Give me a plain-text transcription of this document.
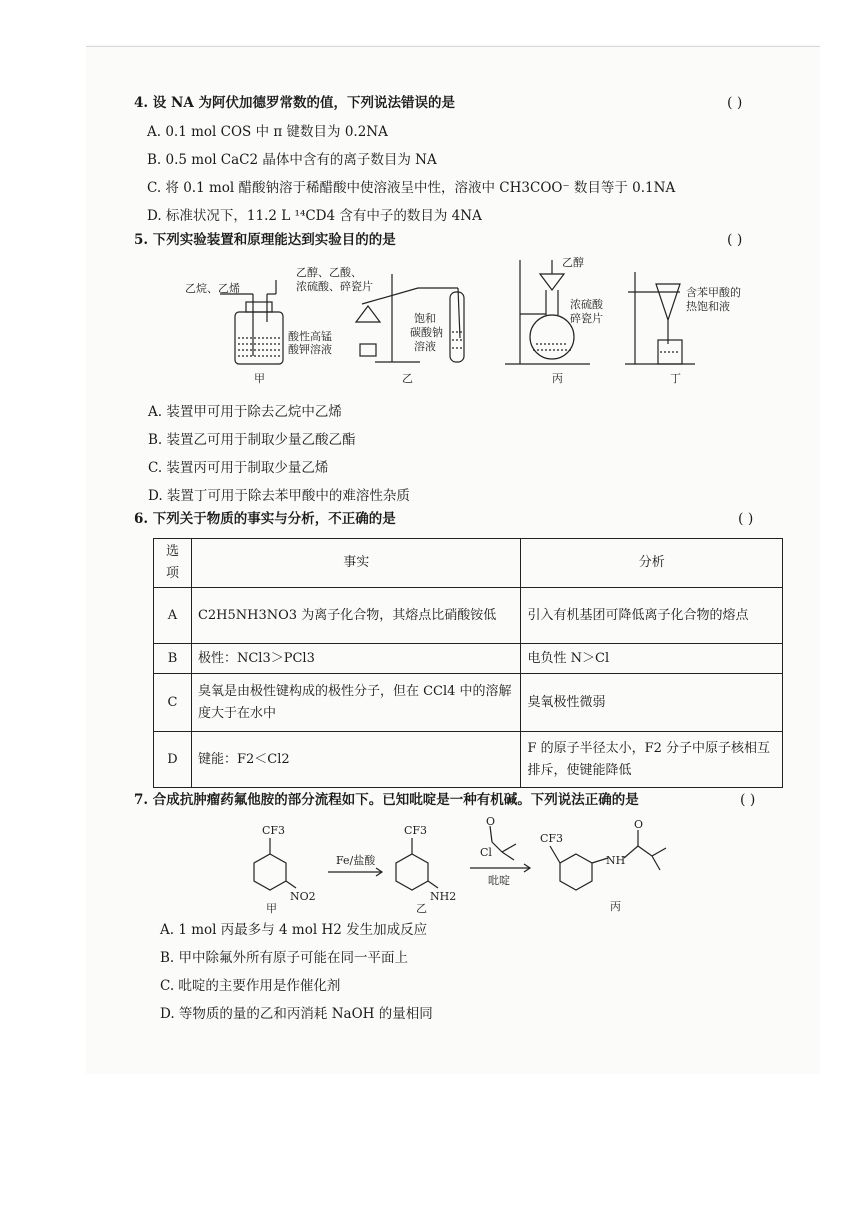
4. 设 NA 为阿伏加德罗常数的值，下列说法错误的是	( )
A. 0.1 mol COS 中 π 键数目为 0.2NA
B. 0.5 mol CaC2 晶体中含有的离子数目为 NA
C. 将 0.1 mol 醋酸钠溶于稀醋酸中使溶液呈中性，溶液中 CH3COO⁻ 数目等于 0.1NA
D. 标准状况下，11.2 L ¹⁴CD4 含有中子的数目为 4NA
5. 下列实验装置和原理能达到实验目的的是	( )
乙烷、乙烯
酸性高锰
酸钾溶液
乙醇、乙酸、
浓硫酸、碎瓷片
饱和
碳酸钠
溶液
乙醇
浓硫酸
碎瓷片
含苯甲酸的
热饱和液
甲	乙	丙	丁
A. 装置甲可用于除去乙烷中乙烯
B. 装置乙可用于制取少量乙酸乙酯
C. 装置丙可用于制取少量乙烯
D. 装置丁可用于除去苯甲酸中的难溶性杂质
6. 下列关于物质的事实与分析，不正确的是	( )
选项	事实	分析
A	C2H5NH3NO3 为离子化合物，其熔点比硝酸铵低	引入有机基团可降低离子化合物的熔点
B	极性：NCl3＞PCl3	电负性 N＞Cl
C	臭氧是由极性键构成的极性分子，但在 CCl4 中的溶解度大于在水中	臭氧极性微弱
D	键能：F2＜Cl2	F 的原子半径太小，F2 分子中原子核相互排斥，使键能降低
7. 合成抗肿瘤药氟他胺的部分流程如下。已知吡啶是一种有机碱。下列说法正确的是	( )
CF3
NO2
甲
Fe/盐酸
CF3
NH2
乙
O
Cl
吡啶
CF3
NH
O
丙
A. 1 mol 丙最多与 4 mol H2 发生加成反应
B. 甲中除氟外所有原子可能在同一平面上
C. 吡啶的主要作用是作催化剂
D. 等物质的量的乙和丙消耗 NaOH 的量相同
